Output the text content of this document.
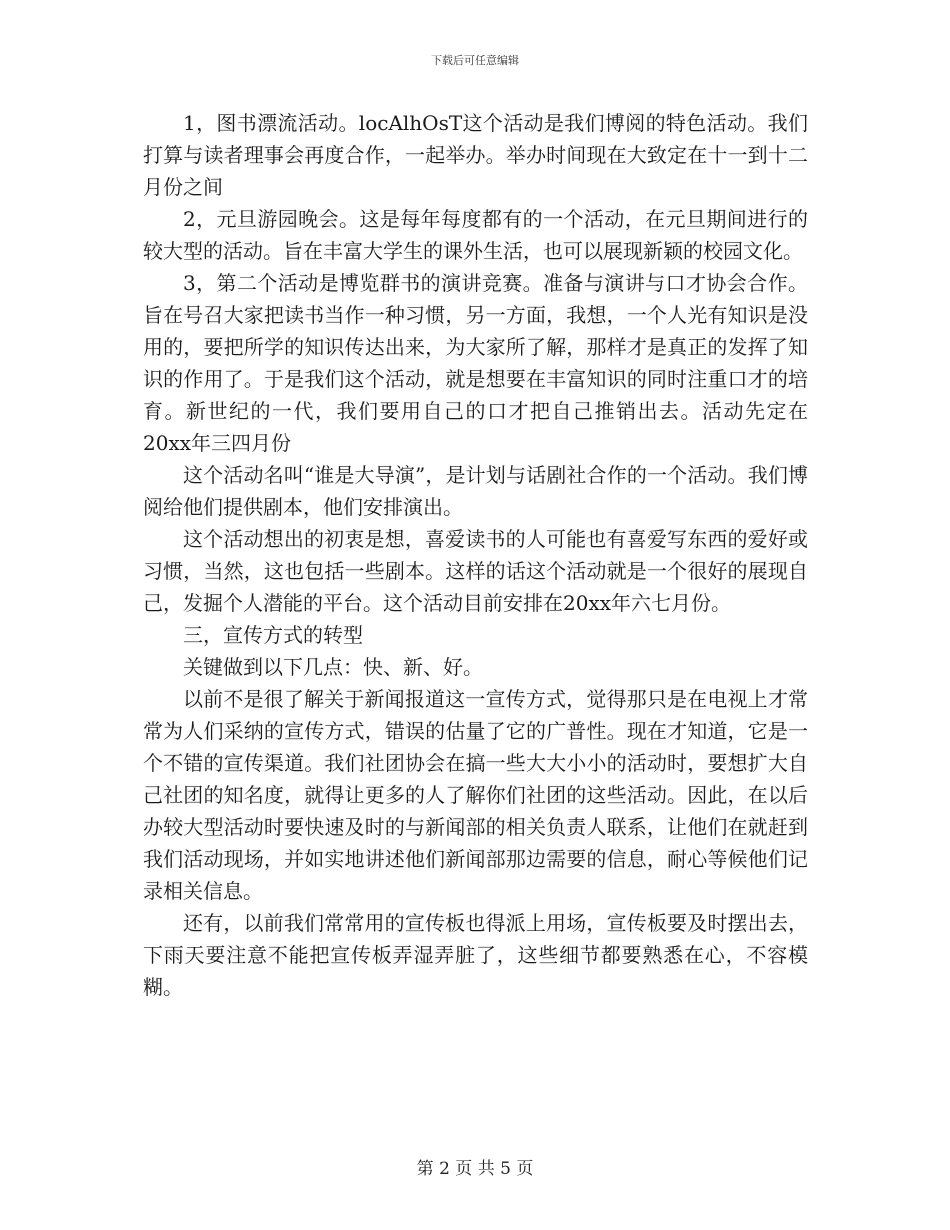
下载后可任意编辑

1，图书漂流活动。locAlhOsT这个活动是我们博阅的特色活动。我们打算与读者理事会再度合作，一起举办。举办时间现在大致定在十一到十二月份之间

2，元旦游园晚会。这是每年每度都有的一个活动，在元旦期间进行的较大型的活动。旨在丰富大学生的课外生活，也可以展现新颖的校园文化。

3，第二个活动是博览群书的演讲竞赛。准备与演讲与口才协会合作。旨在号召大家把读书当作一种习惯，另一方面，我想，一个人光有知识是没用的，要把所学的知识传达出来，为大家所了解，那样才是真正的发挥了知识的作用了。于是我们这个活动，就是想要在丰富知识的同时注重口才的培育。新世纪的一代，我们要用自己的口才把自己推销出去。活动先定在20xx年三四月份

这个活动名叫“谁是大导演”，是计划与话剧社合作的一个活动。我们博阅给他们提供剧本，他们安排演出。

这个活动想出的初衷是想，喜爱读书的人可能也有喜爱写东西的爱好或习惯，当然，这也包括一些剧本。这样的话这个活动就是一个很好的展现自己，发掘个人潜能的平台。这个活动目前安排在20xx年六七月份。

三，宣传方式的转型

关键做到以下几点：快、新、好。

以前不是很了解关于新闻报道这一宣传方式，觉得那只是在电视上才常常为人们采纳的宣传方式，错误的估量了它的广普性。现在才知道，它是一个不错的宣传渠道。我们社团协会在搞一些大大小小的活动时，要想扩大自己社团的知名度，就得让更多的人了解你们社团的这些活动。因此，在以后办较大型活动时要快速及时的与新闻部的相关负责人联系，让他们在就赶到我们活动现场，并如实地讲述他们新闻部那边需要的信息，耐心等候他们记录相关信息。

还有，以前我们常常用的宣传板也得派上用场，宣传板要及时摆出去，下雨天要注意不能把宣传板弄湿弄脏了，这些细节都要熟悉在心，不容模糊。

第 2 页 共 5 页
